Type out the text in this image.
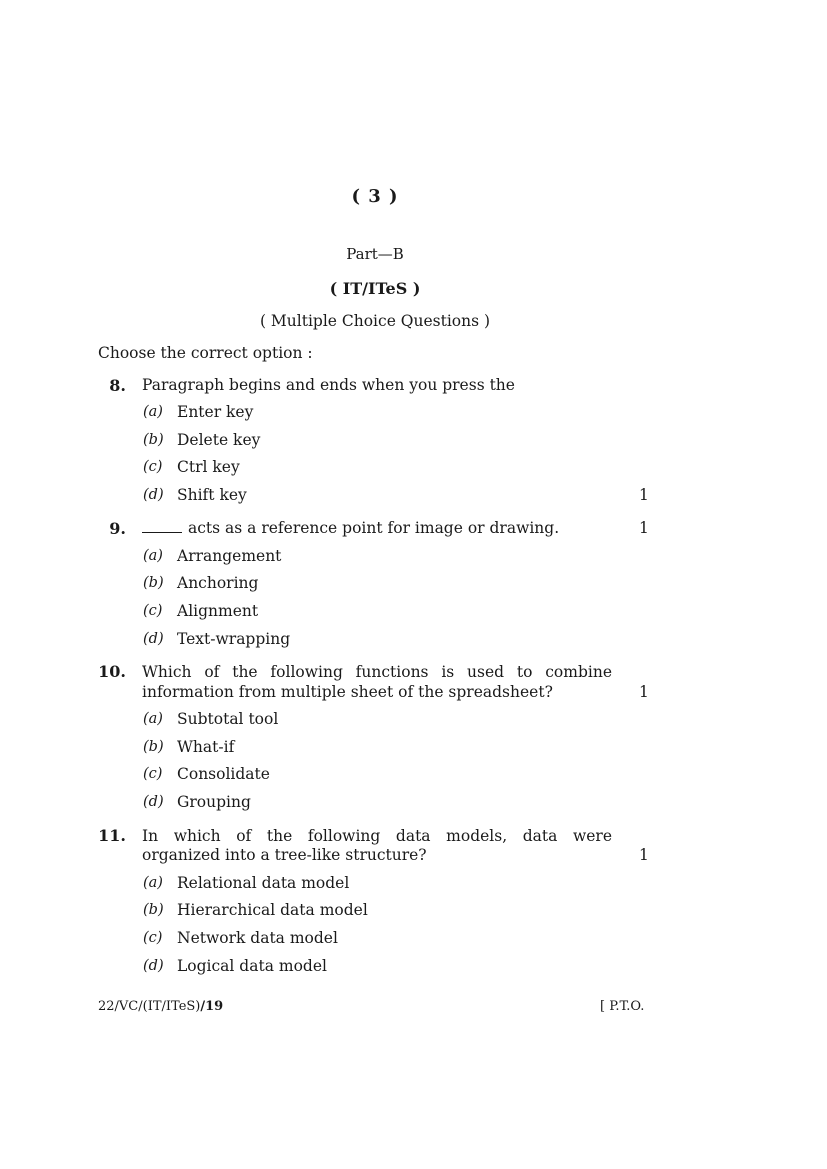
( 3 )
Part—B
( IT/ITeS )
( Multiple Choice Questions )
Choose the correct option :
8. Paragraph begins and ends when you press the
(a) Enter key
(b) Delete key
(c) Ctrl key
(d) Shift key	1
9.	acts as a reference point for image or drawing.	1
(a) Arrangement
(b) Anchoring
(c) Alignment
(d) Text-wrapping
10. Which of the following functions is used to combine
information from multiple sheet of the spreadsheet?	1
(a) Subtotal tool
(b) What-if
(c) Consolidate
(d) Grouping
11. In which of the following data models, data were
organized into a tree-like structure?	1
(a) Relational data model
(b) Hierarchical data model
(c) Network data model
(d) Logical data model
22/VC/(IT/ITeS)/19	[ P.T.O.
